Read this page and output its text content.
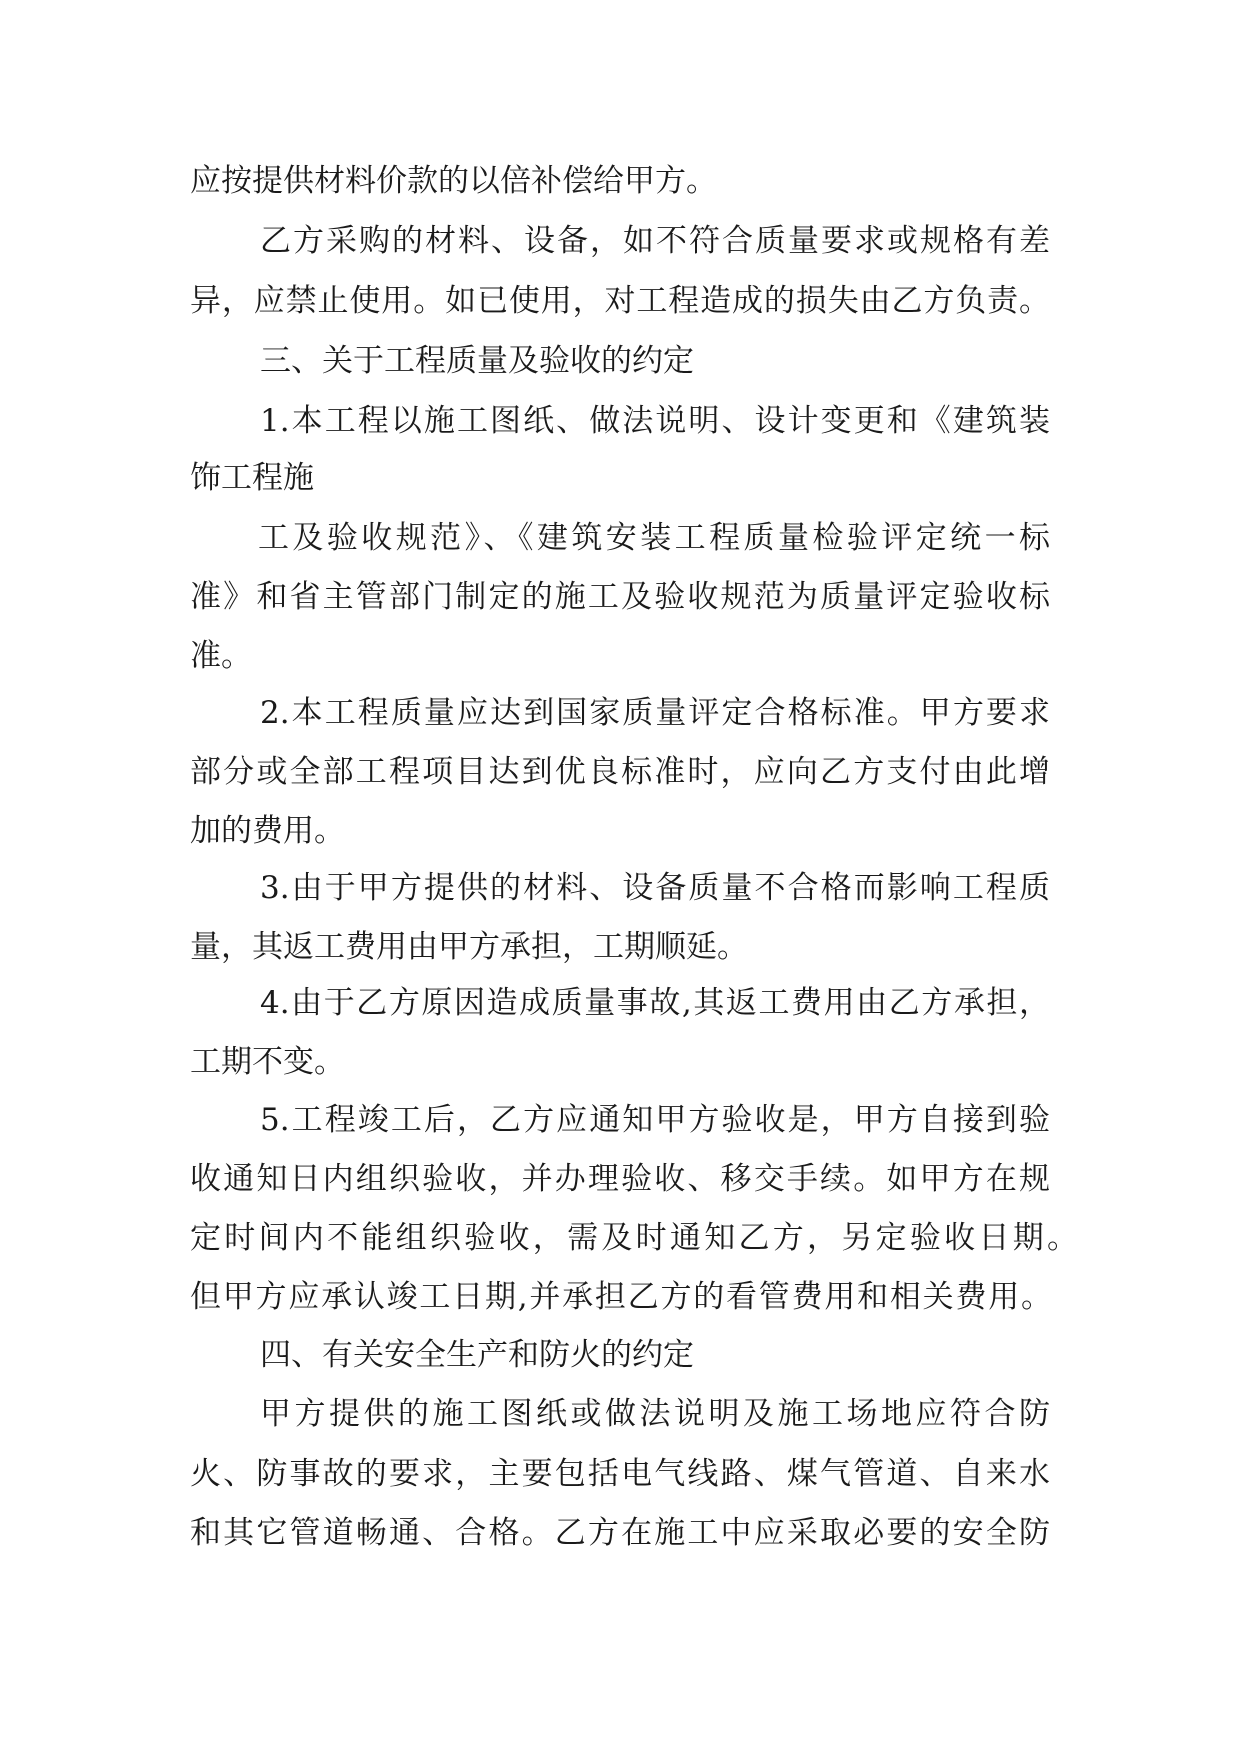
应按提供材料价款的以倍补偿给甲方。

乙方采购的材料、设备，如不符合质量要求或规格有差

异，应禁止使用。如已使用，对工程造成的损失由乙方负责。

三、关于工程质量及验收的约定

1.本工程以施工图纸、做法说明、设计变更和《建筑装

饰工程施

工及验收规范》、《建筑安装工程质量检验评定统一标

准》和省主管部门制定的施工及验收规范为质量评定验收标

准。

2.本工程质量应达到国家质量评定合格标准。甲方要求

部分或全部工程项目达到优良标准时，应向乙方支付由此增

加的费用。

3.由于甲方提供的材料、设备质量不合格而影响工程质

量，其返工费用由甲方承担，工期顺延。

4.由于乙方原因造成质量事故,其返工费用由乙方承担，

工期不变。

5.工程竣工后，乙方应通知甲方验收是，甲方自接到验

收通知日内组织验收，并办理验收、移交手续。如甲方在规

定时间内不能组织验收，需及时通知乙方，另定验收日期。

但甲方应承认竣工日期,并承担乙方的看管费用和相关费用。

四、有关安全生产和防火的约定

甲方提供的施工图纸或做法说明及施工场地应符合防

火、防事故的要求，主要包括电气线路、煤气管道、自来水

和其它管道畅通、合格。乙方在施工中应采取必要的安全防
